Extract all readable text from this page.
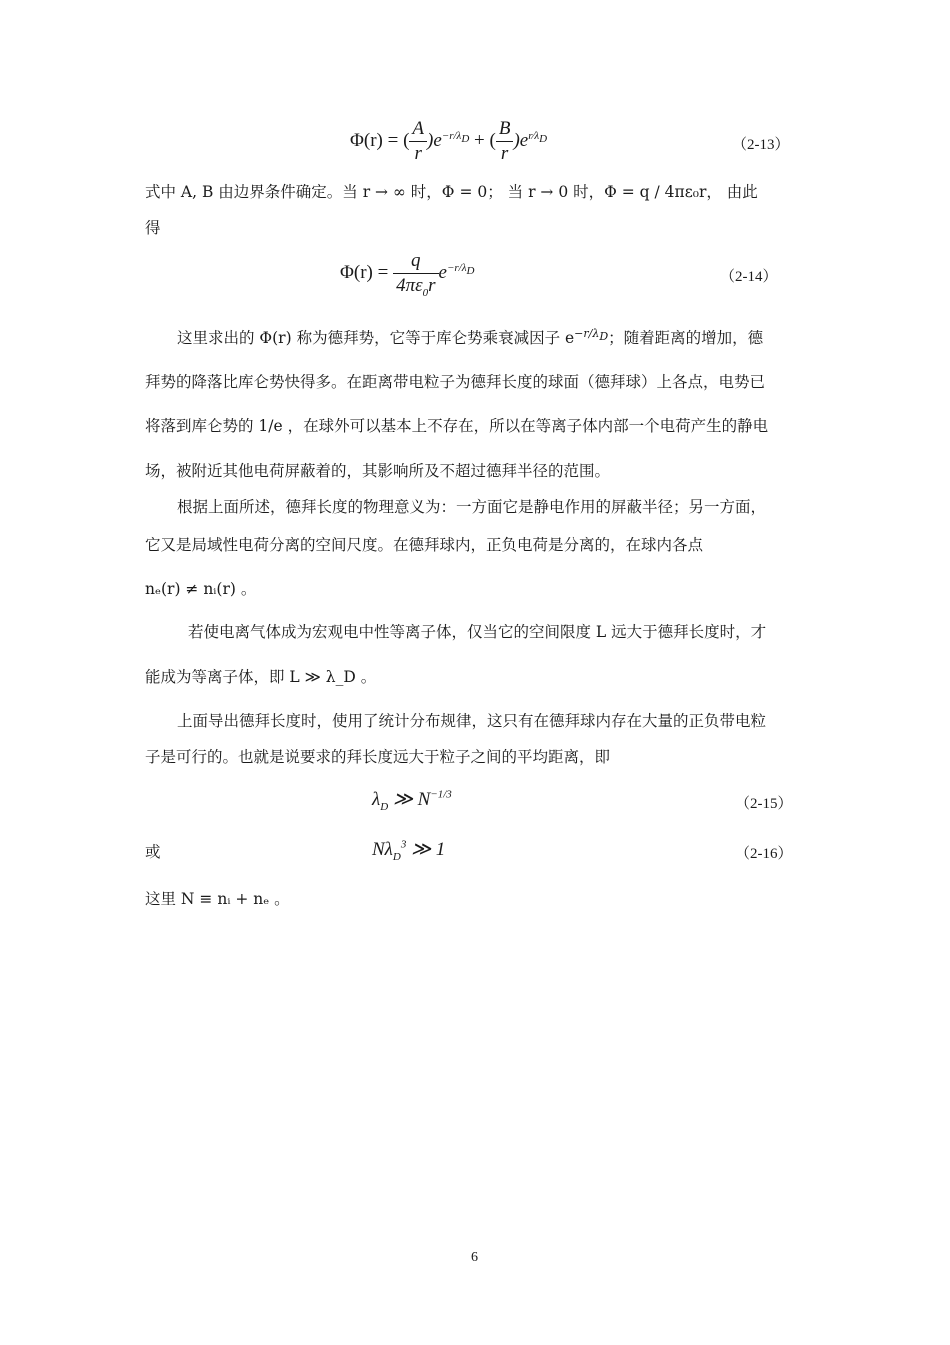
Φ(r) = ( $\frac{A}{r} )e^{-r/\lambda_D}$ + ( $\frac{B}{r} )e^{r⁄\lambda_D}$	（2-13）
式中 A, B 由边界条件确定。当 r → ∞ 时，Φ = 0； 当 r → 0 时，Φ = q / 4πε₀r， 由此
得
$\Phi(r) = \frac{q}{4\pi\varepsilon_0r} e^{-r/\lambda_D}$	（2-14）
这里求出的 Φ(r) 称为德拜势，它等于库仑势乘衰减因子 $e^{-r/\lambda_D}$；随着距离的增加，德
拜势的降落比库仑势快得多。在距离带电粒子为德拜长度的球面（德拜球）上各点，电势已
将落到库仑势的 1/e ，在球外可以基本上不存在，所以在等离子体内部一个电荷产生的静电
场，被附近其他电荷屏蔽着的，其影响所及不超过德拜半径的范围。
根据上面所述，德拜长度的物理意义为：一方面它是静电作用的屏蔽半径；另一方面，
它又是局域性电荷分离的空间尺度。在德拜球内，正负电荷是分离的，在球内各点
nₑ(r) ≠ nᵢ(r) 。
若使电离气体成为宏观电中性等离子体，仅当它的空间限度 L 远大于德拜长度时，才
能成为等离子体，即 L ≫ λ_D 。
上面导出德拜长度时，使用了统计分布规律，这只有在德拜球内存在大量的正负带电粒
子是可行的。也就是说要求的拜长度远大于粒子之间的平均距离，即
$\lambda_D$ ≫ $N^{-1/3}$
（2-15）
或	$N\lambda_D^3$ ≫ 1	（2-16）
这里 N ≡ nᵢ + nₑ 。
6
